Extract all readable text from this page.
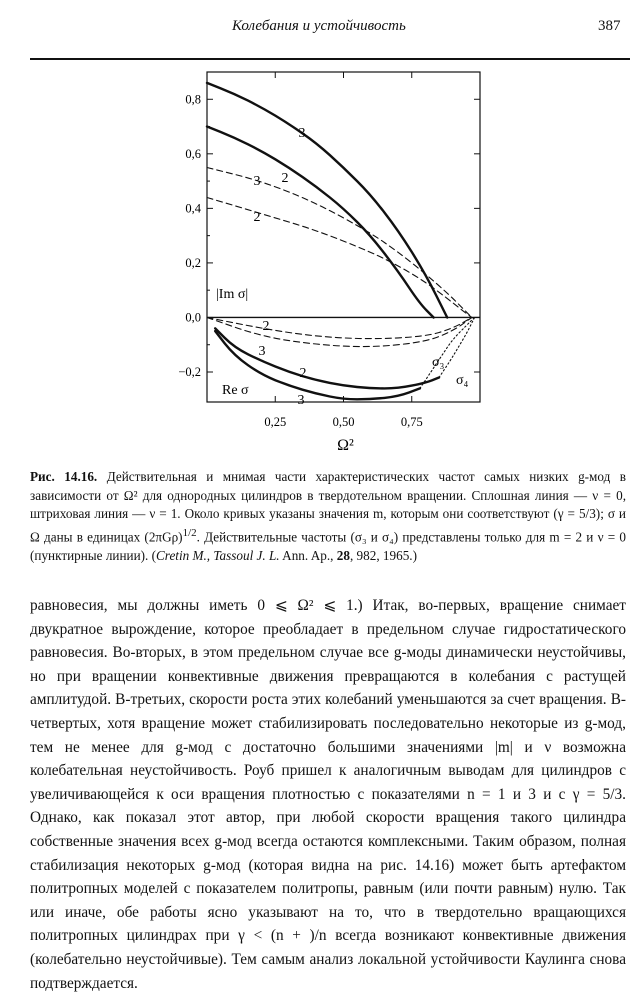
Колебания и устойчивость	387
0,8
0,6
0,4
0,2
0,0
−0,2
0,25	0,50	0,75
Ω²
3
2
3
2
2
3
2
3
|Im σ|
Re σ
σ₃
σ₄
Рис. 14.16. Действительная и мнимая части характеристических частот самых низких g-мод в зависимости от Ω² для однородных цилиндров в твердотельном вращении. Сплошная линия — ν = 0, штриховая линия — ν = 1. Около кривых указаны значения m, которым они соответствуют (γ = 5/3); σ и Ω даны в единицах $(2\pi G\rho)^{1/2}$. Действительные частоты (σ₃ и σ₄) представлены только для m = 2 и ν = 0 (пунктирные линии). (Cretin M., Tassoul J. L. Ann. Ap., 28, 982, 1965.)
равновесия, мы должны иметь 0 ⩽ Ω² ⩽ 1.) Итак, во-первых, вращение снимает двукратное вырождение, которое преобладает в предельном случае гидростатического равновесия. Во-вторых, в этом предельном случае все g-моды динамически неустойчивы, но при вращении конвективные движения превращаются в колебания с растущей амплитудой. В-третьих, скорости роста этих колебаний уменьшаются за счет вращения. В-четвертых, хотя вращение может стабилизировать последовательно некоторые из g-мод, тем не менее для g-мод с достаточно большими значениями |m| и ν возможна колебательная неустойчивость. Роуб пришел к аналогичным выводам для цилиндров с увеличивающейся к оси вращения плотностью с показателями n = 1 и 3 и с γ = 5/3. Однако, как показал этот автор, при любой скорости вращения такого цилиндра собственные значения всех g-мод всегда остаются комплексными. Таким образом, полная стабилизация некоторых g-мод (которая видна на рис. 14.16) может быть артефактом политропных моделей с показателем политропы, равным (или почти равным) нулю. Так или иначе, обе работы ясно указывают на то, что в твердотельно вращающихся политропных цилиндрах при γ < (n + )/n всегда возникают конвективные движения (колебательно неустойчивые). Тем самым анализ локальной устойчивости Каулинга снова подтверждается.
